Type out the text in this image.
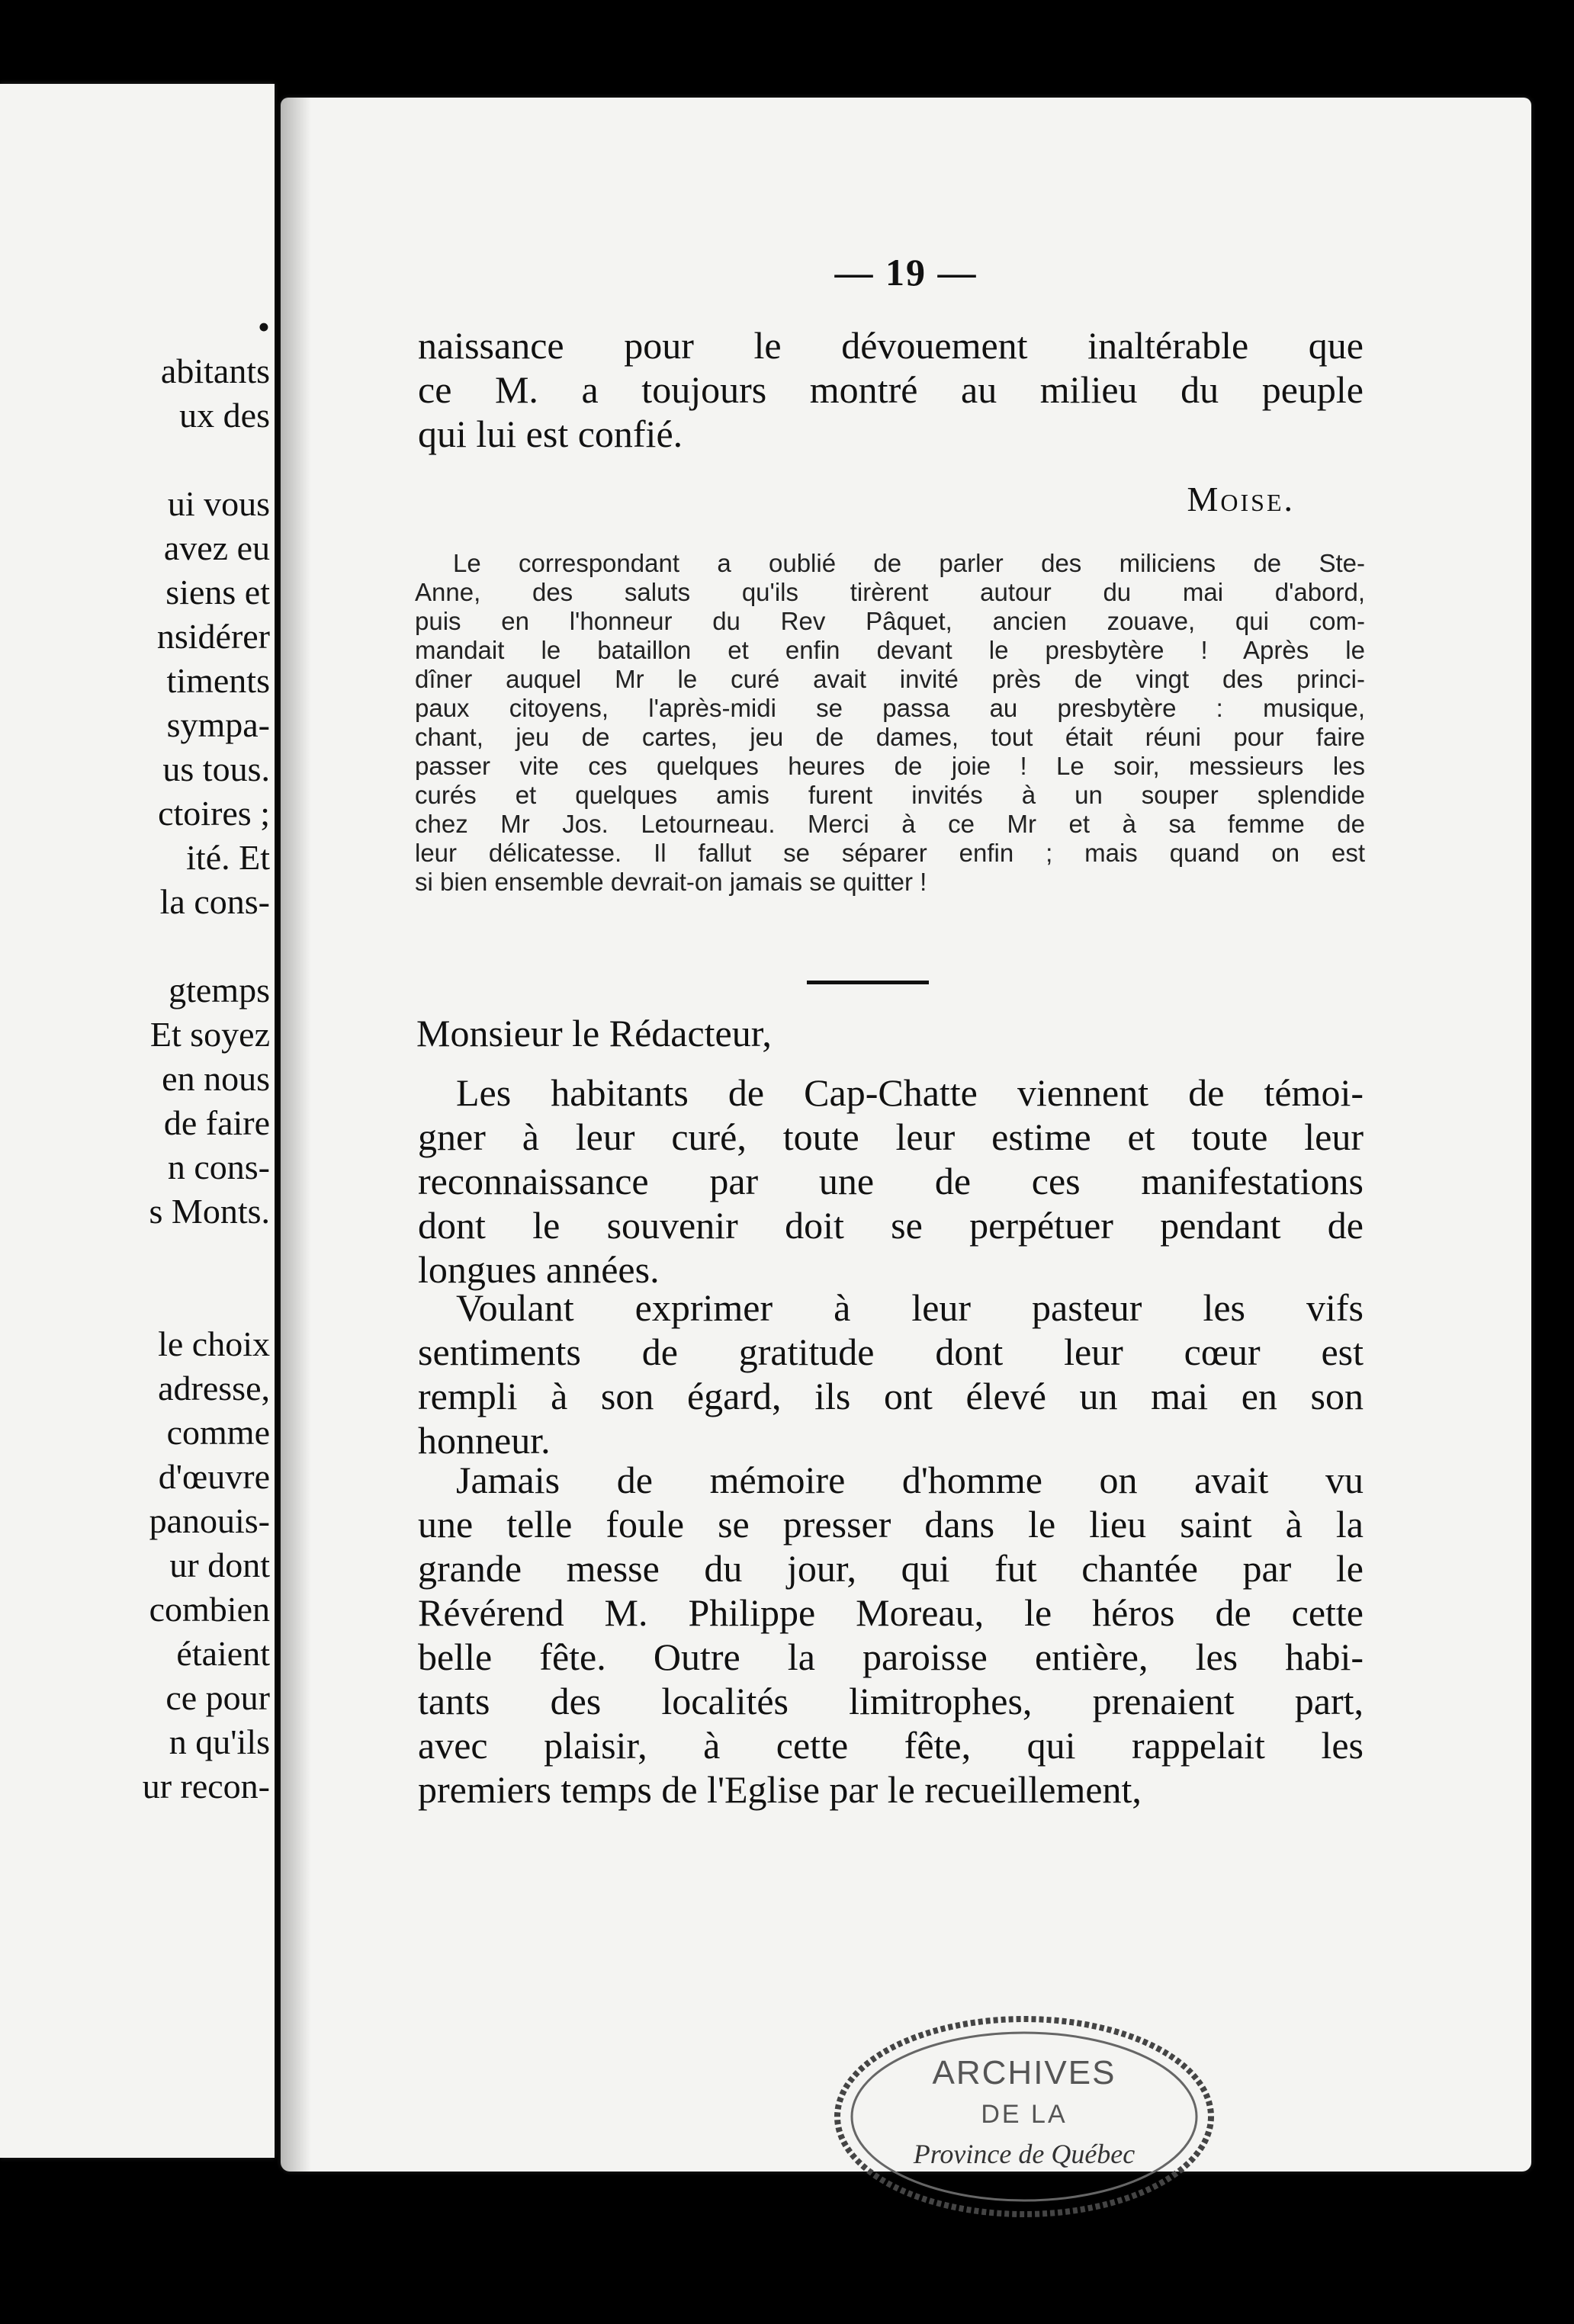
•
abitants
ux des
ui vous
avez eu
siens et
nsidérer
timents
sympa-
us tous.
ctoires ;
ité. Et
la cons-
gtemps
Et soyez
en nous
de faire
n cons-
s Monts.
le choix
adresse,
comme
d'œuvre
panouis-
ur dont
combien
étaient
ce pour
n qu'ils
ur recon-
— 19 —
naissance pour le dévouement inaltérable que
ce M. a toujours montré au milieu du peuple
qui lui est confié.
Moise.
Le correspondant a oublié de parler des miliciens de Ste-
Anne, des saluts qu'ils tirèrent autour du mai d'abord,
puis en l'honneur du Rev Pâquet, ancien zouave, qui com-
mandait le bataillon et enfin devant le presbytère ! Après le
dîner auquel Mr le curé avait invité près de vingt des princi-
paux citoyens, l'après-midi se passa au presbytère : musique,
chant, jeu de cartes, jeu de dames, tout était réuni pour faire
passer vite ces quelques heures de joie ! Le soir, messieurs les
curés et quelques amis furent invités à un souper splendide
chez Mr Jos. Letourneau. Merci à ce Mr et à sa femme de
leur délicatesse. Il fallut se séparer enfin ; mais quand on est
si bien ensemble devrait-on jamais se quitter !
Monsieur le Rédacteur,
Les habitants de Cap-Chatte viennent de témoi-
gner à leur curé, toute leur estime et toute leur
reconnaissance par une de ces manifestations
dont le souvenir doit se perpétuer pendant de
longues années.
Voulant exprimer à leur pasteur les vifs
sentiments de gratitude dont leur cœur est
rempli à son égard, ils ont élevé un mai en son
honneur.
Jamais de mémoire d'homme on avait vu
une telle foule se presser dans le lieu saint à la
grande messe du jour, qui fut chantée par le
Révérend M. Philippe Moreau, le héros de cette
belle fête. Outre la paroisse entière, les habi-
tants des localités limitrophes, prenaient part,
avec plaisir, à cette fête, qui rappelait les
premiers temps de l'Eglise par le recueillement,
ARCHIVES
DE LA
Province de Québec
